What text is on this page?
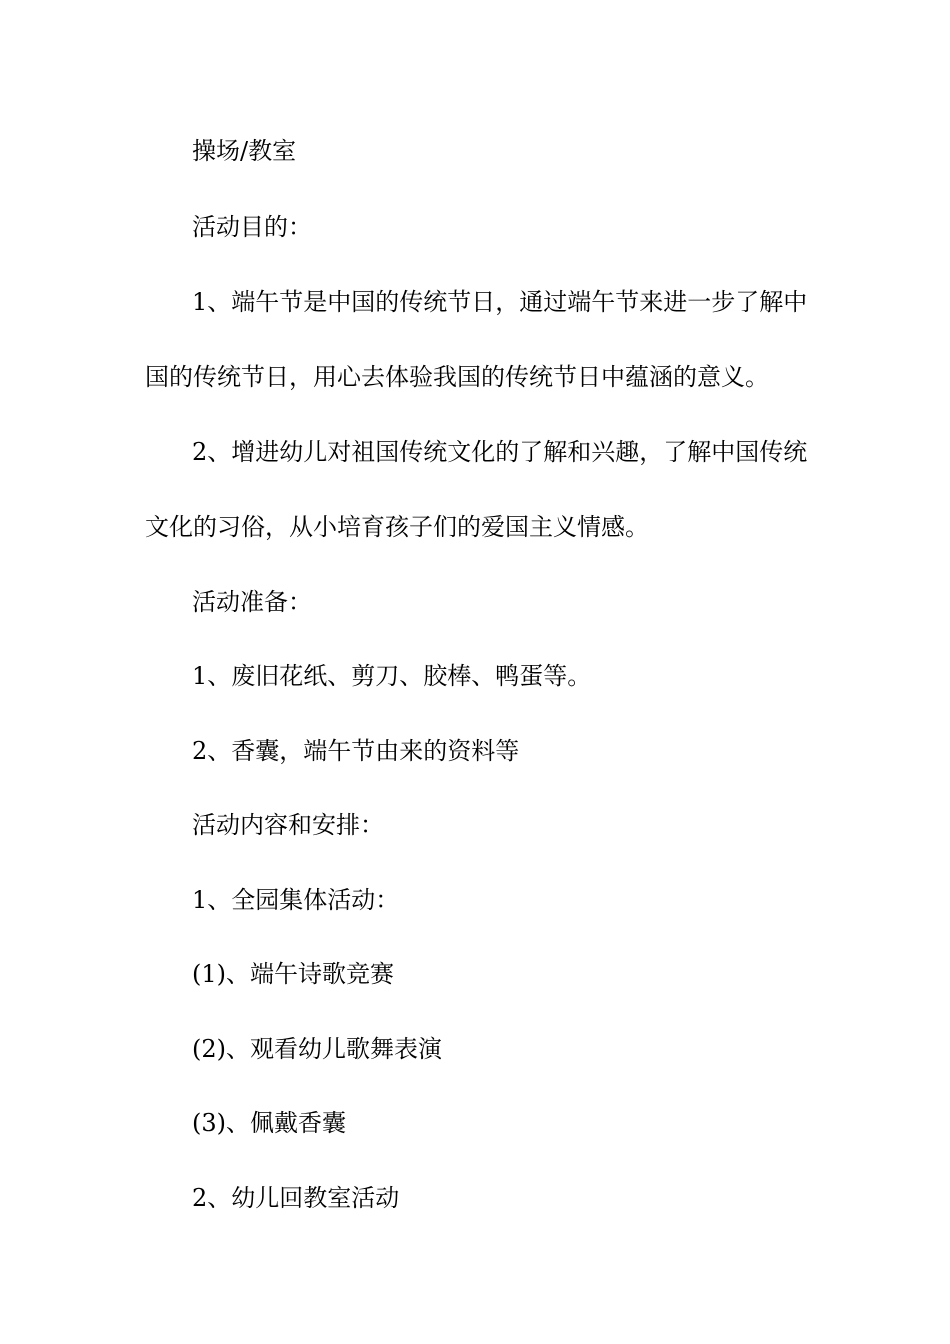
操场/教室
活动目的：
1、端午节是中国的传统节日，通过端午节来进一步了解中
国的传统节日，用心去体验我国的传统节日中蕴涵的意义。
2、增进幼儿对祖国传统文化的了解和兴趣，了解中国传统
文化的习俗，从小培育孩子们的爱国主义情感。
活动准备：
1、废旧花纸、剪刀、胶棒、鸭蛋等。
2、香囊，端午节由来的资料等
活动内容和安排：
1、全园集体活动：
(1)、端午诗歌竞赛
(2)、观看幼儿歌舞表演
(3)、佩戴香囊
2、幼儿回教室活动
